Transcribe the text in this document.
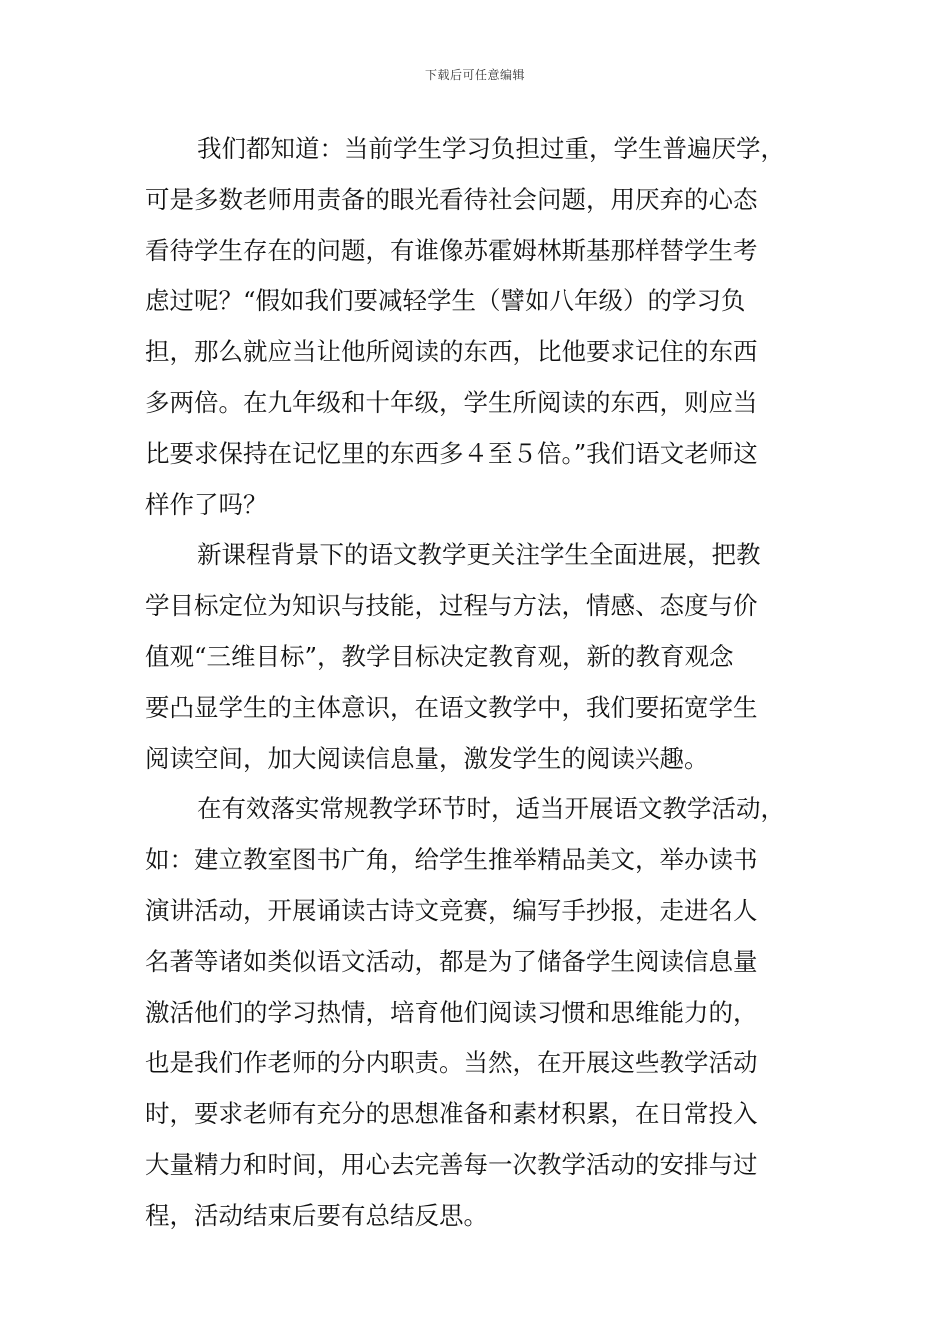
下载后可任意编辑
我们都知道：当前学生学习负担过重，学生普遍厌学，
可是多数老师用责备的眼光看待社会问题，用厌弃的心态
看待学生存在的问题，有谁像苏霍姆林斯基那样替学生考
虑过呢？“假如我们要减轻学生（譬如八年级）的学习负
担，那么就应当让他所阅读的东西，比他要求记住的东西
多两倍。在九年级和十年级，学生所阅读的东西，则应当
比要求保持在记忆里的东西多４至５倍。”我们语文老师这
样作了吗？
新课程背景下的语文教学更关注学生全面进展，把教
学目标定位为知识与技能，过程与方法，情感、态度与价
值观“三维目标”，教学目标决定教育观，新的教育观念
要凸显学生的主体意识，在语文教学中，我们要拓宽学生
阅读空间，加大阅读信息量，激发学生的阅读兴趣。
在有效落实常规教学环节时，适当开展语文教学活动，
如：建立教室图书广角，给学生推举精品美文，举办读书
演讲活动，开展诵读古诗文竞赛，编写手抄报，走进名人
名著等诸如类似语文活动，都是为了储备学生阅读信息量
激活他们的学习热情，培育他们阅读习惯和思维能力的，
也是我们作老师的分内职责。当然，在开展这些教学活动
时，要求老师有充分的思想准备和素材积累，在日常投入
大量精力和时间，用心去完善每一次教学活动的安排与过
程，活动结束后要有总结反思。
